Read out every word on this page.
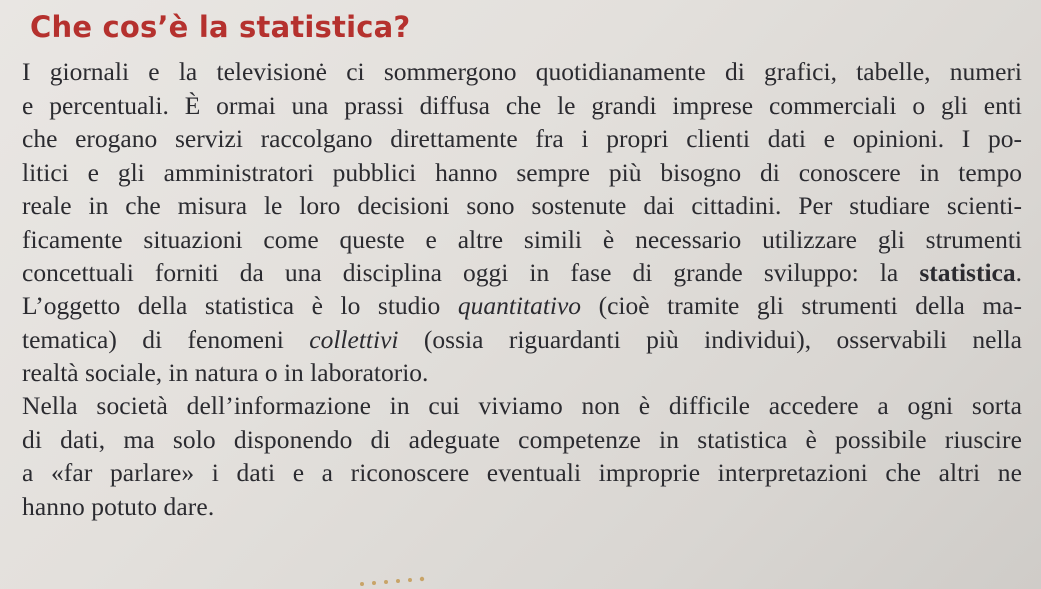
Che cos’è la statistica?
I giornali e la televisionė ci sommergono quotidianamente di grafici, tabelle, numeri
e percentuali. È ormai una prassi diffusa che le grandi imprese commerciali o gli enti
che erogano servizi raccolgano direttamente fra i propri clienti dati e opinioni. I po-
litici e gli amministratori pubblici hanno sempre più bisogno di conoscere in tempo
reale in che misura le loro decisioni sono sostenute dai cittadini. Per studiare scienti-
ficamente situazioni come queste e altre simili è necessario utilizzare gli strumenti
concettuali forniti da una disciplina oggi in fase di grande sviluppo: la statistica.
L’oggetto della statistica è lo studio quantitativo (cioè tramite gli strumenti della ma-
tematica) di fenomeni collettivi (ossia riguardanti più individui), osservabili nella
realtà sociale, in natura o in laboratorio.
Nella società dell’informazione in cui viviamo non è difficile accedere a ogni sorta
di dati, ma solo disponendo di adeguate competenze in statistica è possibile riuscire
a «far parlare» i dati e a riconoscere eventuali improprie interpretazioni che altri ne
hanno potuto dare.
